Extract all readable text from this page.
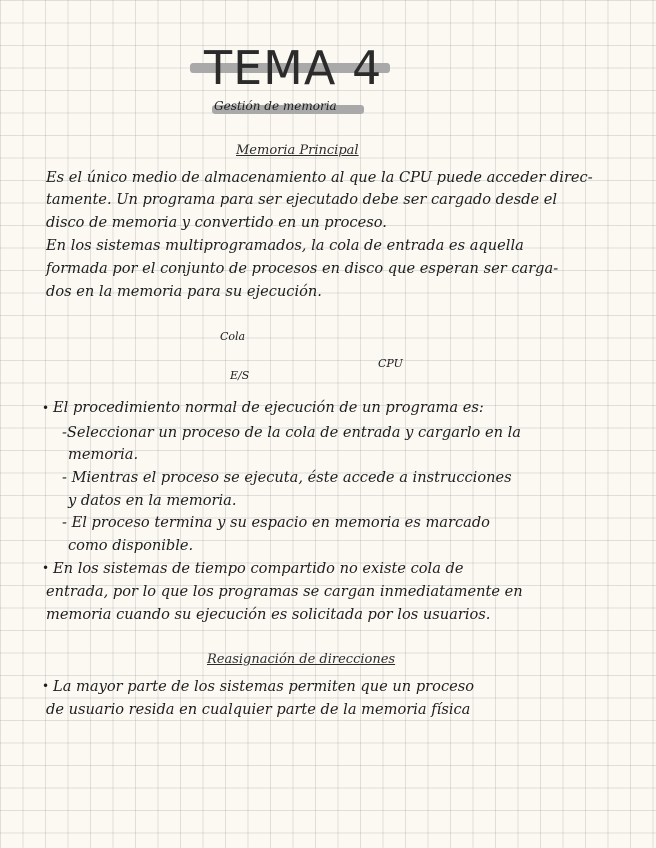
TEMA 4

Gestión de memoria

Memoria Principal

Es el único medio de almacenamiento al que la CPU puede acceder direc-

tamente. Un programa para ser ejecutado debe ser cargado desde el

disco de memoria y convertido en un proceso.

En los sistemas multiprogramados, la cola de entrada es aquella

formada por el conjunto de procesos en disco que esperan ser carga-

dos en la memoria para su ejecución.

Cola

E/S

CPU

• El procedimiento normal de ejecución de un programa es:

-Seleccionar un proceso de la cola de entrada y cargarlo en la

memoria.

- Mientras el proceso se ejecuta, éste accede a instrucciones

y datos en la memoria.

- El proceso termina y su espacio en memoria es marcado

como disponible.

• En los sistemas de tiempo compartido no existe cola de

entrada, por lo que los programas se cargan inmediatamente en

memoria cuando su ejecución es solicitada por los usuarios.

Reasignación de direcciones

• La mayor parte de los sistemas permiten que un proceso

de usuario resida en cualquier parte de la memoria física
